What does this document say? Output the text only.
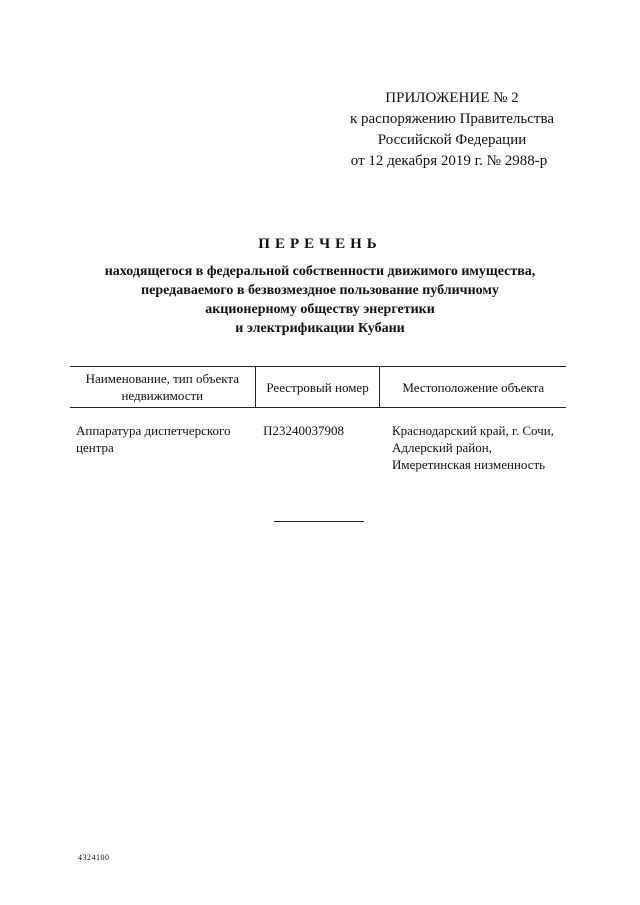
ПРИЛОЖЕНИЕ № 2
к распоряжению Правительства
Российской Федерации
от 12 декабря 2019 г. № 2988-р
ПЕРЕЧЕНЬ
находящегося в федеральной собственности движимого имущества,
передаваемого в безвозмездное пользование публичному
акционерному обществу энергетики
и электрификации Кубани
Наименование, тип объекта недвижимости	Реестровый номер	Местоположение объекта
Аппаратура диспетчерского центра	П23240037908	Краснодарский край, г. Сочи,
Адлерский район,
Имеретинская низменность
4324100
